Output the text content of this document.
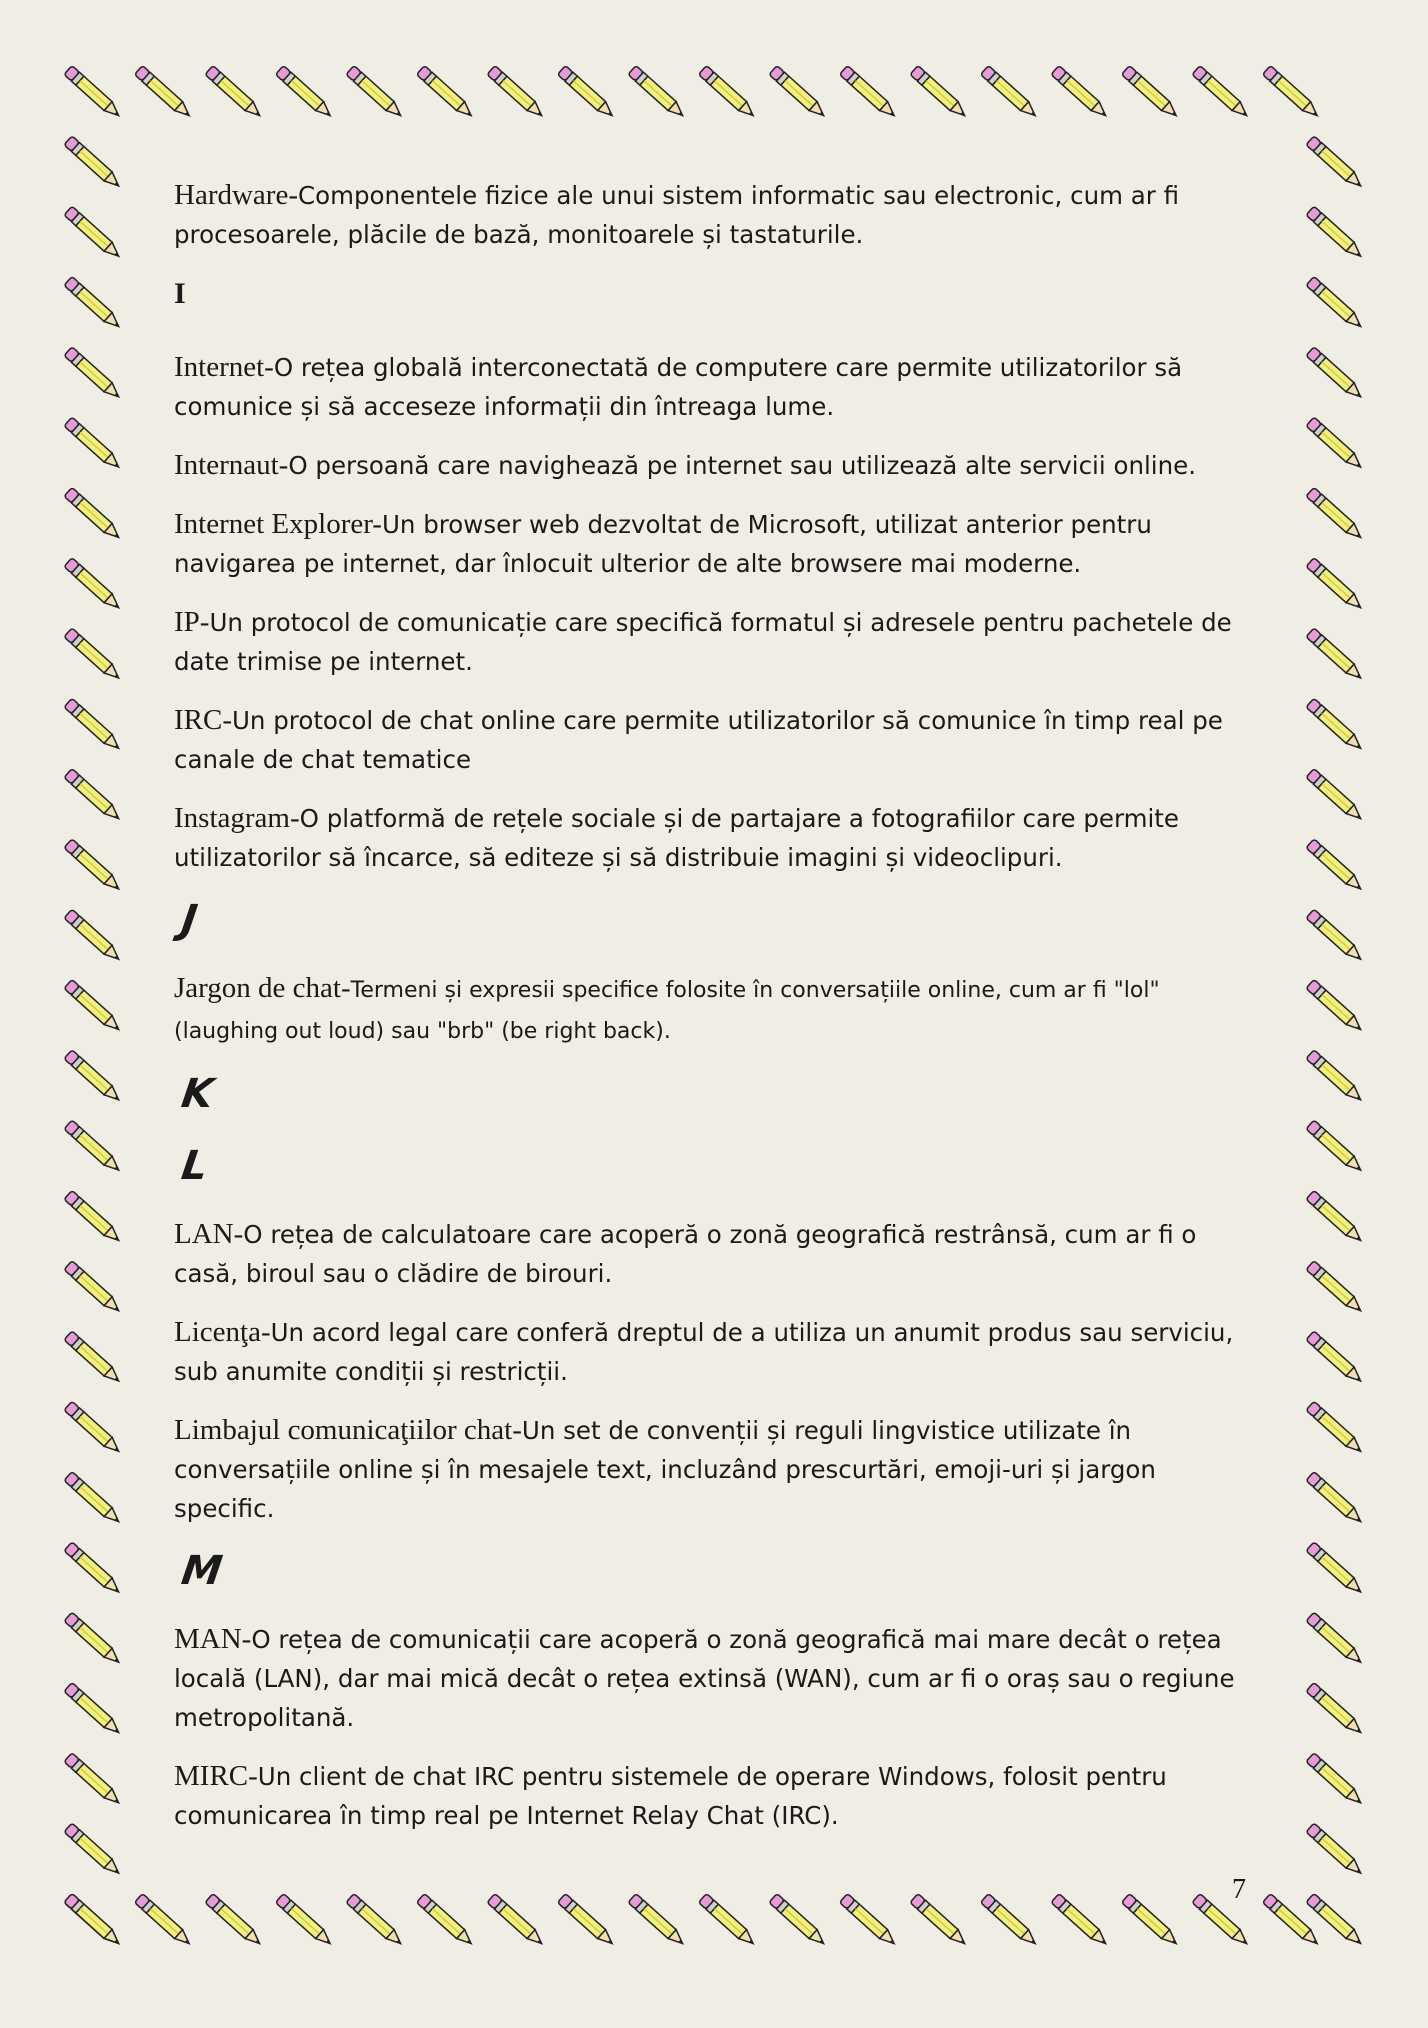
Hardware-Componentele fizice ale unui sistem informatic sau electronic, cum ar fi procesoarele, plăcile de bază, monitoarele și tastaturile.

I

Internet-O rețea globală interconectată de computere care permite utilizatorilor să comunice și să acceseze informații din întreaga lume.

Internaut-O persoană care navighează pe internet sau utilizează alte servicii online.

Internet Explorer-Un browser web dezvoltat de Microsoft, utilizat anterior pentru navigarea pe internet, dar înlocuit ulterior de alte browsere mai moderne.

IP-Un protocol de comunicație care specifică formatul și adresele pentru pachetele de date trimise pe internet.

IRC-Un protocol de chat online care permite utilizatorilor să comunice în timp real pe canale de chat tematice

Instagram-O platformă de rețele sociale și de partajare a fotografiilor care permite utilizatorilor să încarce, să editeze și să distribuie imagini și videoclipuri.

J

Jargon de chat-Termeni și expresii specifice folosite în conversațiile online, cum ar fi "lol" (laughing out loud) sau "brb" (be right back).

K
L

LAN-O rețea de calculatoare care acoperă o zonă geografică restrânsă, cum ar fi o casă, biroul sau o clădire de birouri.

Licenţa-Un acord legal care conferă dreptul de a utiliza un anumit produs sau serviciu, sub anumite condiții și restricții.

Limbajul comunicaţiilor chat-Un set de convenții și reguli lingvistice utilizate în conversațiile online și în mesajele text, incluzând prescurtări, emoji-uri și jargon specific.

M

MAN-O rețea de comunicații care acoperă o zonă geografică mai mare decât o rețea locală (LAN), dar mai mică decât o rețea extinsă (WAN), cum ar fi o oraș sau o regiune metropolitană.

MIRC-Un client de chat IRC pentru sistemele de operare Windows, folosit pentru comunicarea în timp real pe Internet Relay Chat (IRC).

7
